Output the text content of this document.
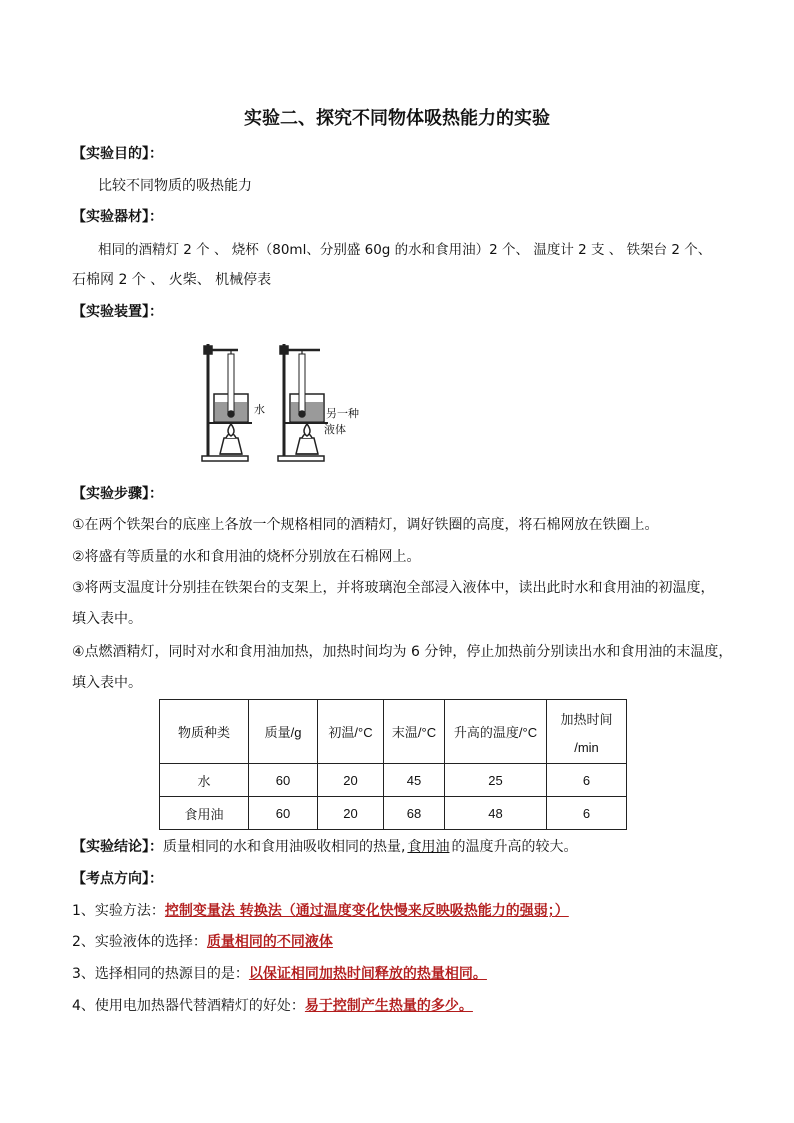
实验二、探究不同物体吸热能力的实验
【实验目的】：
比较不同物质的吸热能力
【实验器材】：
相同的酒精灯 2 个 、 烧杯（80ml、分别盛 60g 的水和食用油）2 个、 温度计 2 支 、 铁架台 2 个、
石棉网 2 个 、 火柴、 机械停表
【实验装置】：
水	另一种
液体
【实验步骤】：
①在两个铁架台的底座上各放一个规格相同的酒精灯，调好铁圈的高度，将石棉网放在铁圈上。
②将盛有等质量的水和食用油的烧杯分别放在石棉网上。
③将两支温度计分别挂在铁架台的支架上，并将玻璃泡全部浸入液体中，读出此时水和食用油的初温度，
填入表中。
④点燃酒精灯，同时对水和食用油加热，加热时间均为 6 分钟，停止加热前分别读出水和食用油的末温度，
填入表中。
物质种类	质量/g	初温/°C	末温/°C	升高的温度/°C	加热时间
/min

水	60	20	45	25	6
食用油	60	20	68	48	6
【实验结论】：质量相同的水和食用油吸收相同的热量, 食用油 的温度升高的较大。
【考点方向】：
1、实验方法：控制变量法 转换法（通过温度变化快慢来反映吸热能力的强弱；）
2、实验液体的选择：质量相同的不同液体
3、选择相同的热源目的是：以保证相同加热时间释放的热量相同。
4、使用电加热器代替酒精灯的好处：易于控制产生热量的多少。
